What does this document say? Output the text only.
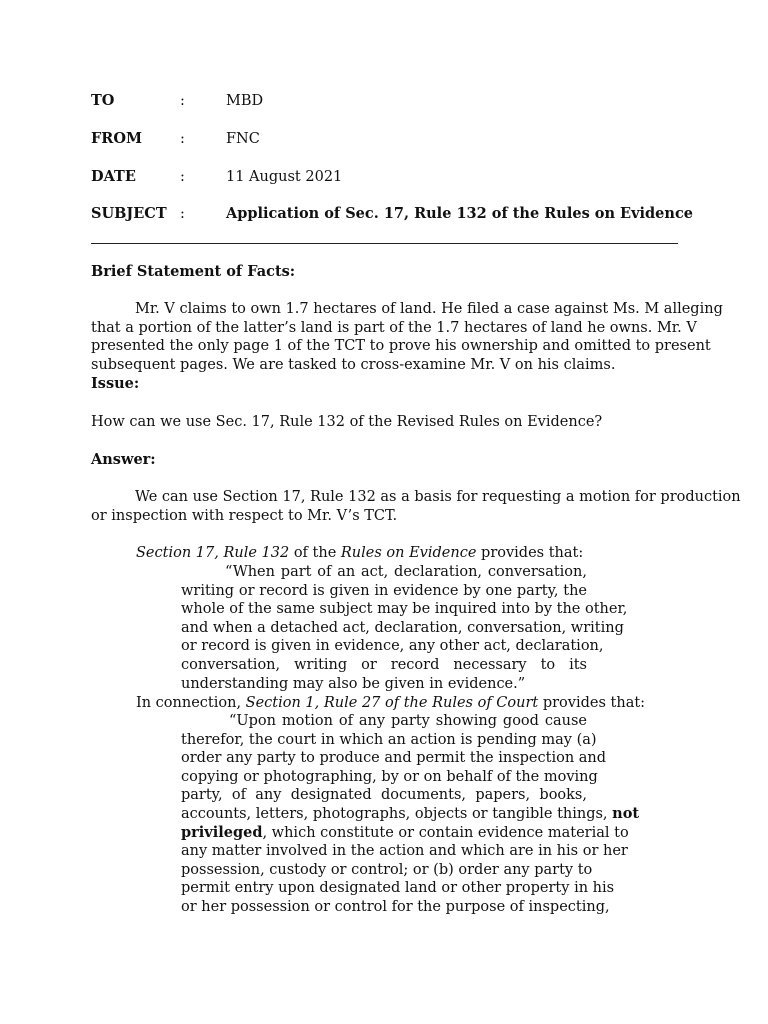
TO	:	MBD
FROM	:	FNC
DATE	:	11 August 2021
SUBJECT :	Application of Sec. 17, Rule 132 of the Rules on Evidence
Brief Statement of Facts:
Mr. V claims to own 1.7 hectares of land. He filed a case against Ms. M alleging
that a portion of the latter’s land is part of the 1.7 hectares of land he owns. Mr. V
presented the only page 1 of the TCT to prove his ownership and omitted to present
subsequent pages. We are tasked to cross-examine Mr. V on his claims.
Issue:
How can we use Sec. 17, Rule 132 of the Revised Rules on Evidence?
Answer:
We can use Section 17, Rule 132 as a basis for requesting a motion for production
or inspection with respect to Mr. V’s TCT.
Section 17, Rule 132 of the Rules on Evidence provides that:
“When part of an act, declaration, conversation,
writing or record is given in evidence by one party, the
whole of the same subject may be inquired into by the other,
and when a detached act, declaration, conversation, writing
or record is given in evidence, any other act, declaration,
conversation, writing or record necessary to its
understanding may also be given in evidence.”
In connection, Section 1, Rule 27 of the Rules of Court provides that:
“Upon motion of any party showing good cause
therefor, the court in which an action is pending may (a)
order any party to produce and permit the inspection and
copying or photographing, by or on behalf of the moving
party, of any designated documents, papers, books,
accounts, letters, photographs, objects or tangible things, not
privileged, which constitute or contain evidence material to
any matter involved in the action and which are in his or her
possession, custody or control; or (b) order any party to
permit entry upon designated land or other property in his
or her possession or control for the purpose of inspecting,
